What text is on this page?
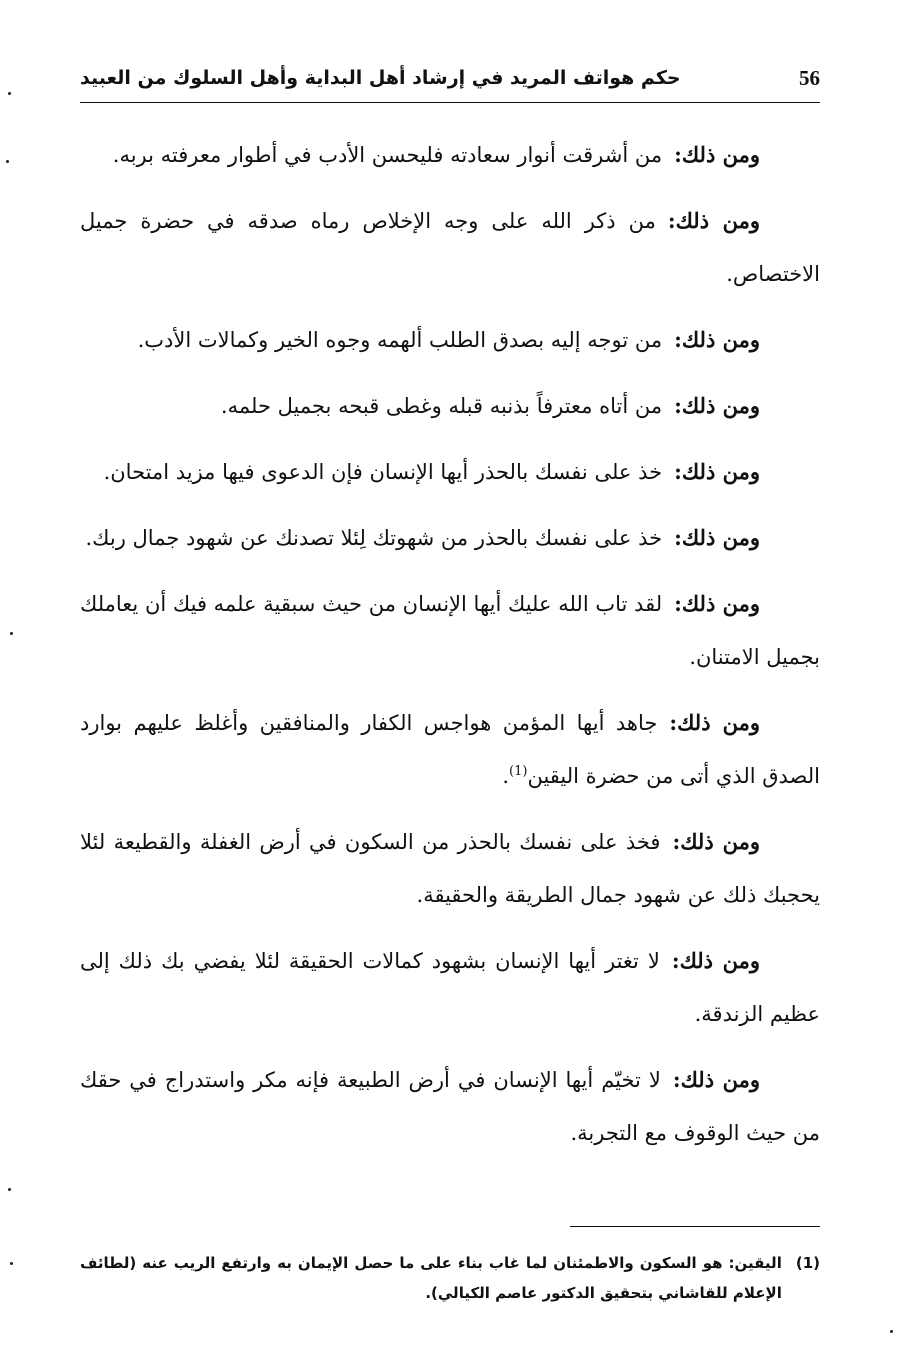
56
حكم هواتف المريد في إرشاد أهل البداية وأهل السلوك من العبيد

ومن ذلك:من أشرقت أنوار سعادته فليحسن الأدب في أطوار معرفته بربه.

ومن ذلك:من ذكر الله على وجه الإخلاص رماه صدقه في حضرة جميل الاختصاص.

ومن ذلك:من توجه إليه بصدق الطلب ألهمه وجوه الخير وكمالات الأدب.

ومن ذلك:من أتاه معترفاً بذنبه قبله وغطى قبحه بجميل حلمه.

ومن ذلك:خذ على نفسك بالحذر أيها الإنسان فإن الدعوى فيها مزيد امتحان.

ومن ذلك:خذ على نفسك بالحذر من شهوتك لِئلا تصدنك عن شهود جمال ربك.

ومن ذلك:لقد تاب الله عليك أيها الإنسان من حيث سبقية علمه فيك أن يعاملك بجميل الامتنان.

ومن ذلك:جاهد أيها المؤمن هواجس الكفار والمنافقين وأغلظ عليهم بوارد الصدق الذي أتى من حضرة اليقين$^{(1)}$.

ومن ذلك:فخذ على نفسك بالحذر من السكون في أرض الغفلة والقطيعة لئلا يحجبك ذلك عن شهود جمال الطريقة والحقيقة.

ومن ذلك:لا تغتر أيها الإنسان بشهود كمالات الحقيقة لئلا يفضي بك ذلك إلى عظيم الزندقة.

ومن ذلك:لا تخيّم أيها الإنسان في أرض الطبيعة فإنه مكر واستدراج في حقك من حيث الوقوف مع التجربة.

(1)
اليقين: هو السكون والاطمئنان لما غاب بناء على ما حصل الإيمان به وارتفع الريب عنه (لطائف الإعلام للقاشاني بتحقيق الدكتور عاصم الكيالي).
